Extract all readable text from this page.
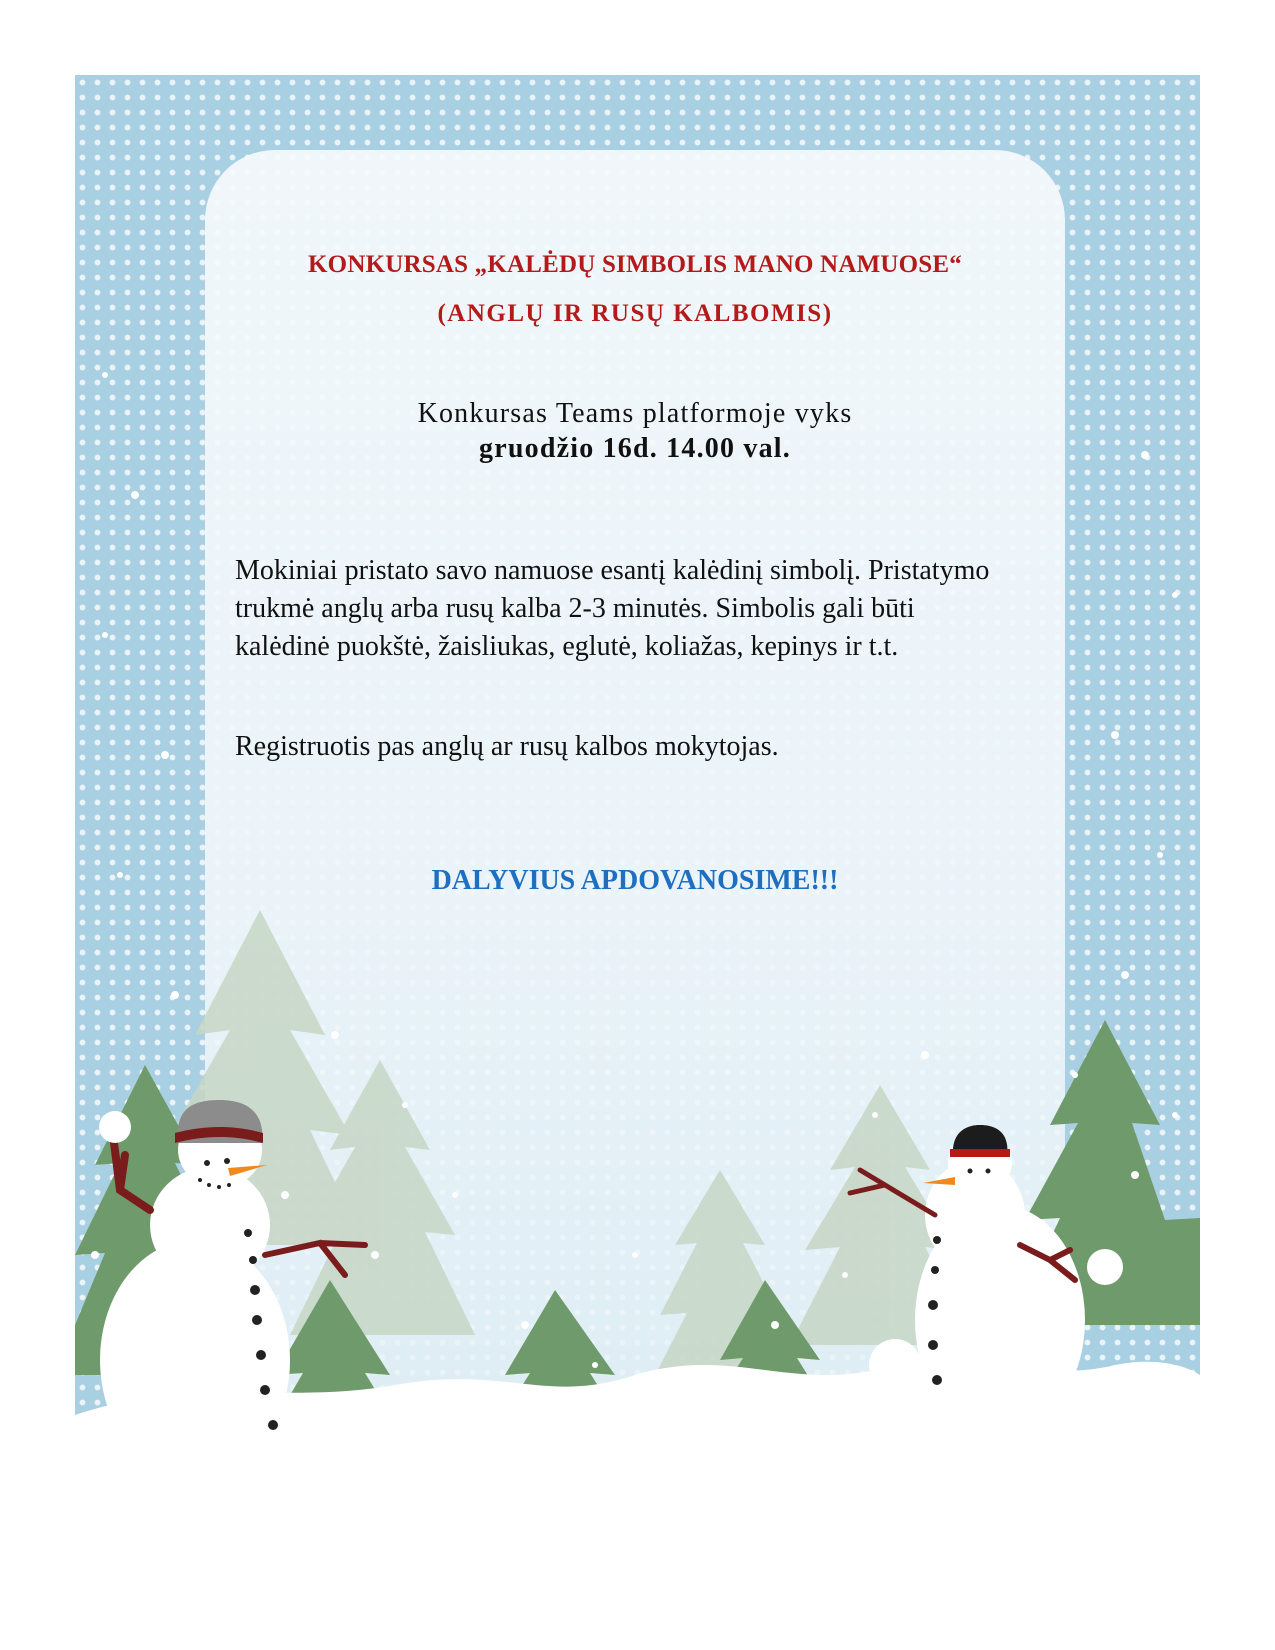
KONKURSAS „KALĖDŲ SIMBOLIS MANO NAMUOSE“

(ANGLŲ IR RUSŲ KALBOMIS)

Konkursas Teams platformoje vyks

gruodžio 16d. 14.00 val.

Mokiniai pristato savo namuose esantį kalėdinį simbolį. Pristatymo trukmė anglų arba rusų kalba 2-3 minutės. Simbolis gali būti kalėdinė puokštė, žaisliukas, eglutė, koliažas, kepinys ir t.t.

Registruotis pas anglų ar rusų kalbos mokytojas.

DALYVIUS APDOVANOSIME!!!
